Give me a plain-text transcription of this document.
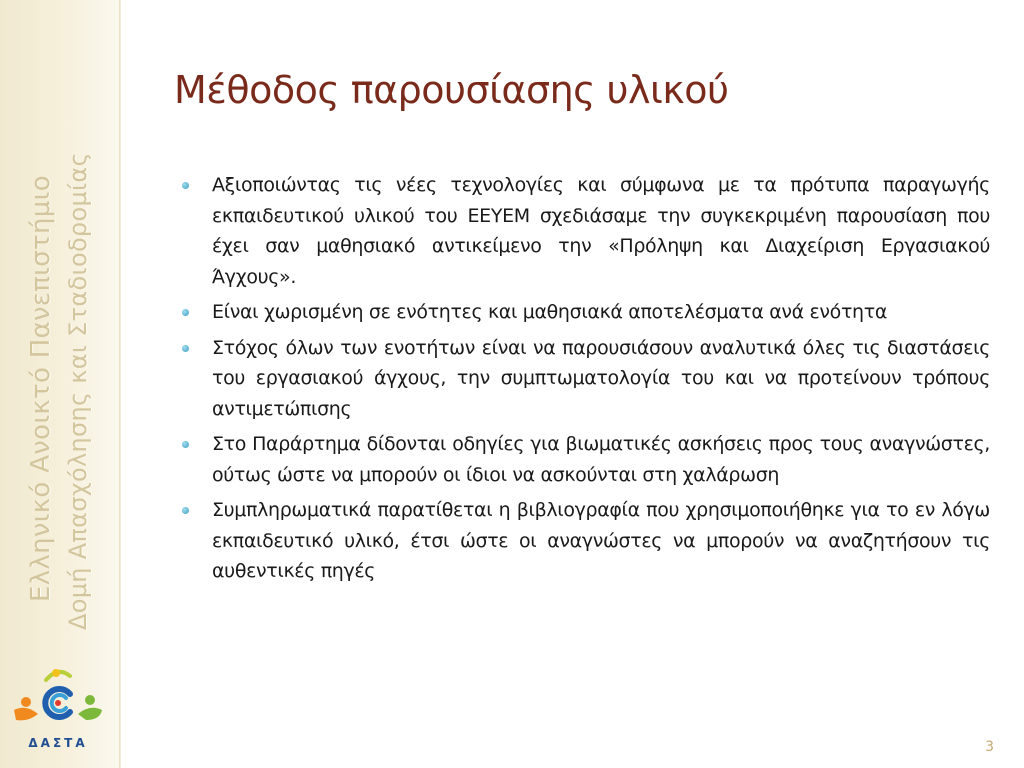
Ελληνικό Ανοικτό Πανεπιστήμιο Δομή Απασχόλησης και Σταδιοδρομίας
ΔΑΣΤΑ
Μέθοδος παρουσίασης υλικού
Αξιοποιώντας τις νέες τεχνολογίες και σύμφωνα με τα πρότυπα παραγωγής εκπαιδευτικού υλικού του ΕΕΥΕΜ σχεδιάσαμε την συγκεκριμένη παρουσίαση που έχει σαν μαθησιακό αντικείμενο την «Πρόληψη και Διαχείριση Εργασιακού Άγχους».
Είναι χωρισμένη σε ενότητες και μαθησιακά αποτελέσματα ανά ενότητα
Στόχος όλων των ενοτήτων είναι να παρουσιάσουν αναλυτικά όλες τις διαστάσεις του εργασιακού άγχους, την συμπτωματολογία του και να προτείνουν τρόπους αντιμετώπισης
Στο Παράρτημα δίδονται οδηγίες για βιωματικές ασκήσεις προς τους αναγνώστες, ούτως ώστε να μπορούν οι ίδιοι να ασκούνται στη χαλάρωση
Συμπληρωματικά παρατίθεται η βιβλιογραφία που χρησιμοποιήθηκε για το εν λόγω εκπαιδευτικό υλικό, έτσι ώστε οι αναγνώστες να μπορούν να αναζητήσουν τις αυθεντικές πηγές
3
